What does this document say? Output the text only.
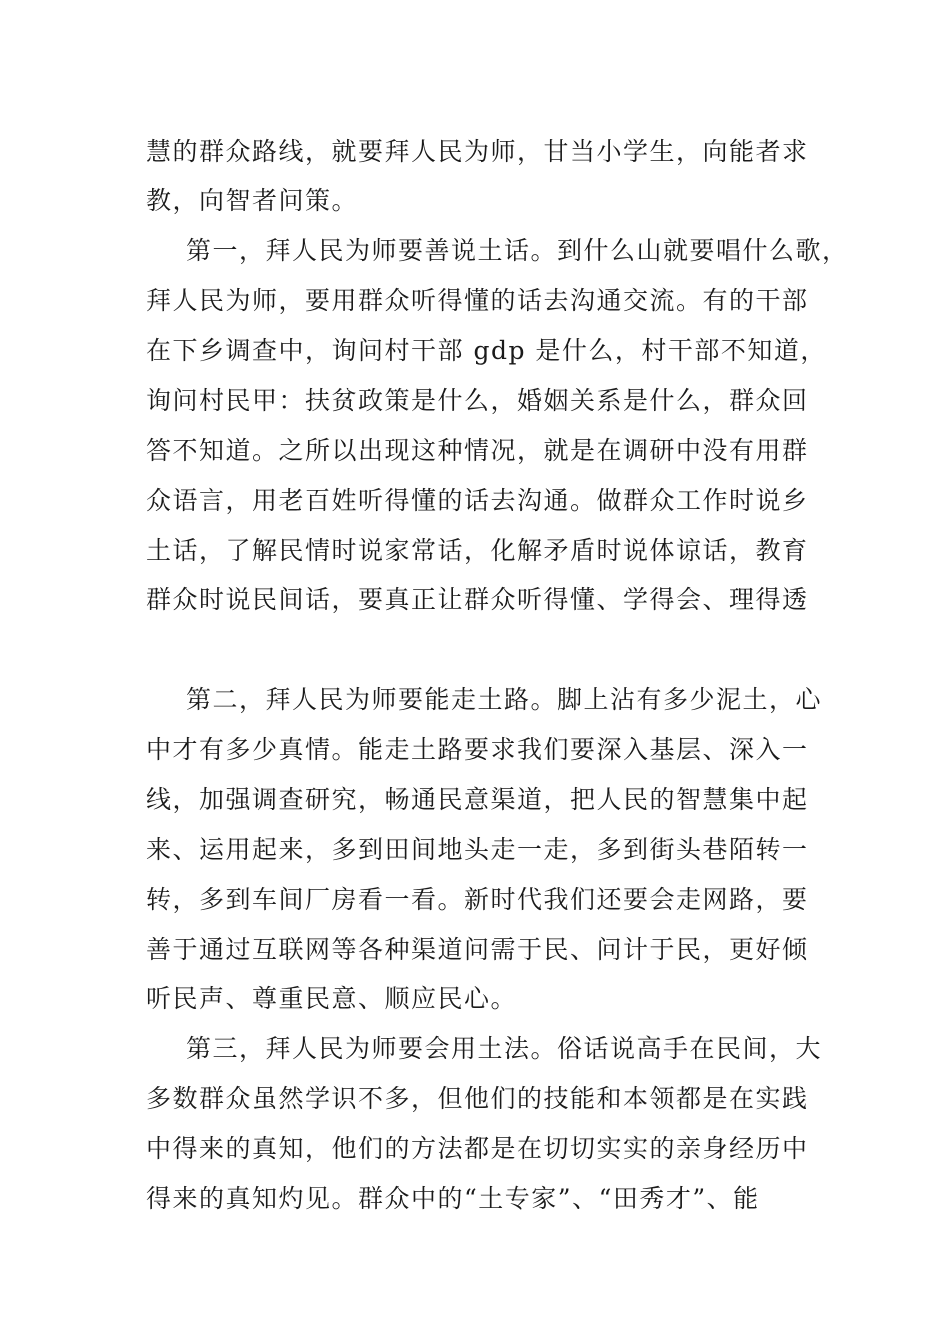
慧的群众路线，就要拜人民为师，甘当小学生，向能者求
教，向智者问策。
第一，拜人民为师要善说土话。到什么山就要唱什么歌，
拜人民为师，要用群众听得懂的话去沟通交流。有的干部
在下乡调查中，询问村干部 gdp 是什么，村干部不知道，
询问村民甲：扶贫政策是什么，婚姻关系是什么，群众回
答不知道。之所以出现这种情况，就是在调研中没有用群
众语言，用老百姓听得懂的话去沟通。做群众工作时说乡
土话，了解民情时说家常话，化解矛盾时说体谅话，教育
群众时说民间话，要真正让群众听得懂、学得会、理得透
第二，拜人民为师要能走土路。脚上沾有多少泥土，心
中才有多少真情。能走土路要求我们要深入基层、深入一
线，加强调查研究，畅通民意渠道，把人民的智慧集中起
来、运用起来，多到田间地头走一走，多到街头巷陌转一
转，多到车间厂房看一看。新时代我们还要会走网路，要
善于通过互联网等各种渠道问需于民、问计于民，更好倾
听民声、尊重民意、顺应民心。
第三，拜人民为师要会用土法。俗话说高手在民间，大
多数群众虽然学识不多，但他们的技能和本领都是在实践
中得来的真知，他们的方法都是在切切实实的亲身经历中
得来的真知灼见。群众中的“土专家”、“田秀才”、能
